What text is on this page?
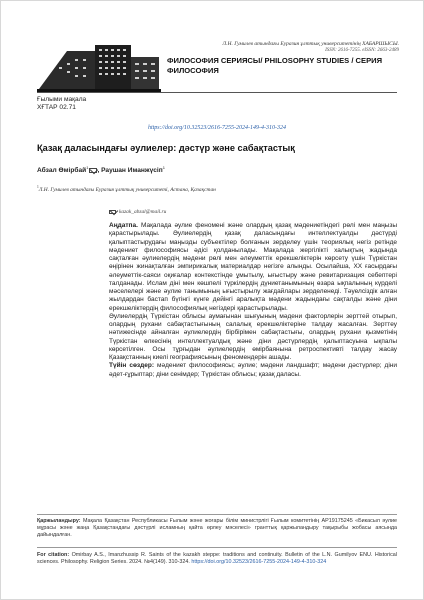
Л.Н. Гумилев атындағы Еуразия ұлттық университетінің ХАБАРШЫСЫ.
ISSN: 2616-7255. eISSN: 2663-2489
ФИЛОСОФИЯ СЕРИЯСЫ/ PHILOSOPHY STUDIES / СЕРИЯ ФИЛОСОФИЯ
Ғылыми мақала
ХҒТАР 02.71
https://doi.org/10.32523/2616-7255-2024-149-4-310-324
Қазақ даласындағы әулиелер: дәстүр және сабақтастық
Абзал Өмірбай$^1$ , Раушан Иманжүсіп$^1$
$^1$Л.Н. Гумилев атындағы Еуразия ұлттық университеті, Астана, Қазақстан
kazak_abzal@mail.ru

Аңдатпа. Мақалада әулие феномені және олардың қазақ мәдениетіндегі рөлі мен маңызы қарастырылады. Әулиелердің қазақ даласындағы интеллектуалды дәстүрді қалыптастырудағы маңызды субъектілер болғанын зерделеу үшін теориялық негіз ретінде мәдениет философиясы әдісі қолданылады. Мақалада жергілікті халықтың жадында сақталған әулиелердің мәдени рөлі мен әлеуметтік ерекшеліктерін көрсету үшін Түркістан өңірінен жинақталған эмпирикалық материалдар негізге алынды. Осылайша, ХХ ғасырдағы әлеуметтік-саяси оқиғалар контекстінде ұмытылу, ығыстыру және ревитаризация себептері талданады. Ислам діні мен көшпелі түркілердің дүниетанымының өзара ықпалының күрделі мәселелері және әулие танымының ығыстырылу жағдайлары зерделенеді. Тәуелсіздік алған жылдардан бастап бүгінгі күнге дейінгі аралықта мәдени жадындағы сақталды және діни ерекшеліктердің философиялық негіздері қарастырылады.

Әулиелердің Түркістан облысы аумағынан шығуының мәдени факторлерін зерттей отырып, олардың рухани сабақтастығының салалық ерекшеліктеріне талдау жасалған. Зерттеу нәтижесінде айналған әулиелердің бірбірімен сабақтастығы, олардың рухани қызметінің Түркістан өлкесінің интеллектуалдық және діни дәстүрлердің қалыптасуына ықпалы көрсетілген. Осы тұрғыдан әулиелердің өмірбаянына ретроспективті талдау жасау Қазақстанның киелі географиясының феномендерін ашады.

Түйін сөздер: мәдениет философиясы; әулие; мәдени ландшафт; мәдени дәстүрлер; діни әдет-ғұрыптар; діни сенімдер; Түркістан облысы; қазақ даласы.

Қаржыландыру: Мақала Қазақстан Республикасы Ғылым және жоғары білім министрлігі Ғылым комитетінің AP19175245 «Бикасыл әулие мұрасы және жаңа Қазақстандағы дәстүрлі исламның қайта өрлеу мәселесі» гранттық қаржыландыру тақырыбы жобасы аясында дайындалған.
For citation: Omirbay A.S., Imanzhussip R. Saints of the kazakh steppe: traditions and continuity. Bulletin of the L.N. Gumilyov ENU. Historical sciences. Philosophy. Religion Series. 2024. №4(149). 310-324. https://doi.org/10.32523/2616-7255-2024-149-4-310-324
